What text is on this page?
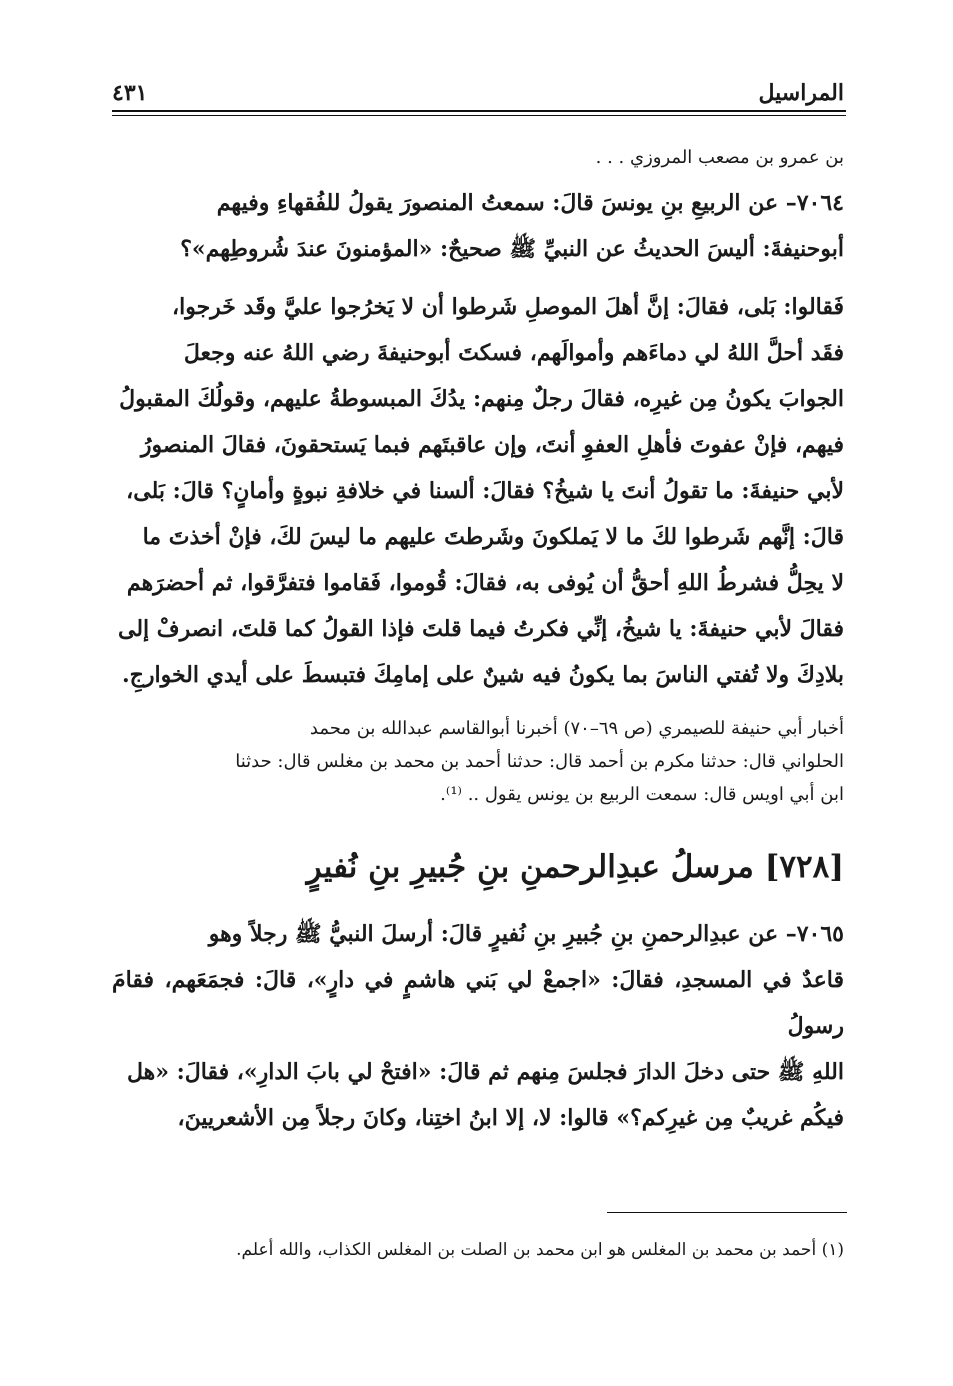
المراسيل
٤٣١

بن عمرو بن مصعب المروزي . . .

٧٠٦٤– عن الربيعِ بنِ يونسَ قالَ: سمعتُ المنصورَ يقولُ للفُقهاءِ وفيهم

أبوحنيفةَ: أليسَ الحديثُ عن النبيِّ ﷺ صحيحٌ: «المؤمنونَ عندَ شُروطِهم»؟

فَقالوا: بَلى، فقالَ: إنَّ أهلَ الموصلِ شَرطوا أن لا يَخرُجوا عليَّ وقَد خَرجوا،

فقَد أحلَّ اللهُ لي دماءَهم وأموالَهم، فسكتَ أبوحنيفةَ رضي اللهُ عنه وجعلَ

الجوابَ يكونُ مِن غيرِه، فقالَ رجلٌ مِنهم: يدُكَ المبسوطةُ عليهم، وقولُكَ المقبولُ

فيهم، فإنْ عفوتَ فأهلِ العفوِ أنتَ، وإن عاقبتَهم فبما يَستحقونَ، فقالَ المنصورُ

لأبي حنيفةَ: ما تقولُ أنتَ يا شيخُ؟ فقالَ: ألسنا في خلافةِ نبوةٍ وأمانٍ؟ قالَ: بَلى،

قالَ: إنَّهم شَرطوا لكَ ما لا يَملكونَ وشَرطتَ عليهم ما ليسَ لكَ، فإنْ أخذتَ ما

لا يحِلُّ فشرطُ اللهِ أحقُّ أن يُوفى به، فقالَ: قُوموا، فَقاموا فتفرَّقوا، ثم أحضرَهم

فقالَ لأبي حنيفةَ: يا شيخُ، إنِّي فكرتُ فيما قلتَ فإذا القولُ كما قلتَ، انصرفْ إلى

بلادِكَ ولا تُفتي الناسَ بما يكونُ فيه شينٌ على إمامِكَ فتبسطَ على أيدي الخوارجِ.

أخبار أبي حنيفة للصيمري (ص ٦٩–٧٠) أخبرنا أبوالقاسم عبدالله بن محمد

الحلواني قال: حدثنا مكرم بن أحمد قال: حدثنا أحمد بن محمد بن مغلس قال: حدثنا

ابن أبي اويس قال: سمعت الربيع بن يونس يقول .. ⁽¹⁾.

[٧٢٨] مرسلُ عبدِالرحمنِ بنِ جُبيرِ بنِ نُفيرٍ

٧٠٦٥– عن عبدِالرحمنِ بنِ جُبيرِ بنِ نُفيرٍ قالَ: أرسلَ النبيُّ ﷺ رجلاً وهو

قاعدٌ في المسجدِ، فقالَ: «اجمعْ لي بَني هاشمٍ في دارٍ»، قالَ: فجمَعَهم، فقامَ رسولُ

اللهِ ﷺ حتى دخلَ الدارَ فجلسَ مِنهم ثم قالَ: «افتحْ لي بابَ الدارِ»، فقالَ: «هل

فيكُم غريبٌ مِن غيرِكم؟» قالوا: لا، إلا ابنُ اختِنا، وكانَ رجلاً مِن الأشعريينَ،

(١) أحمد بن محمد بن المغلس هو ابن محمد بن الصلت بن المغلس الكذاب، والله أعلم.
